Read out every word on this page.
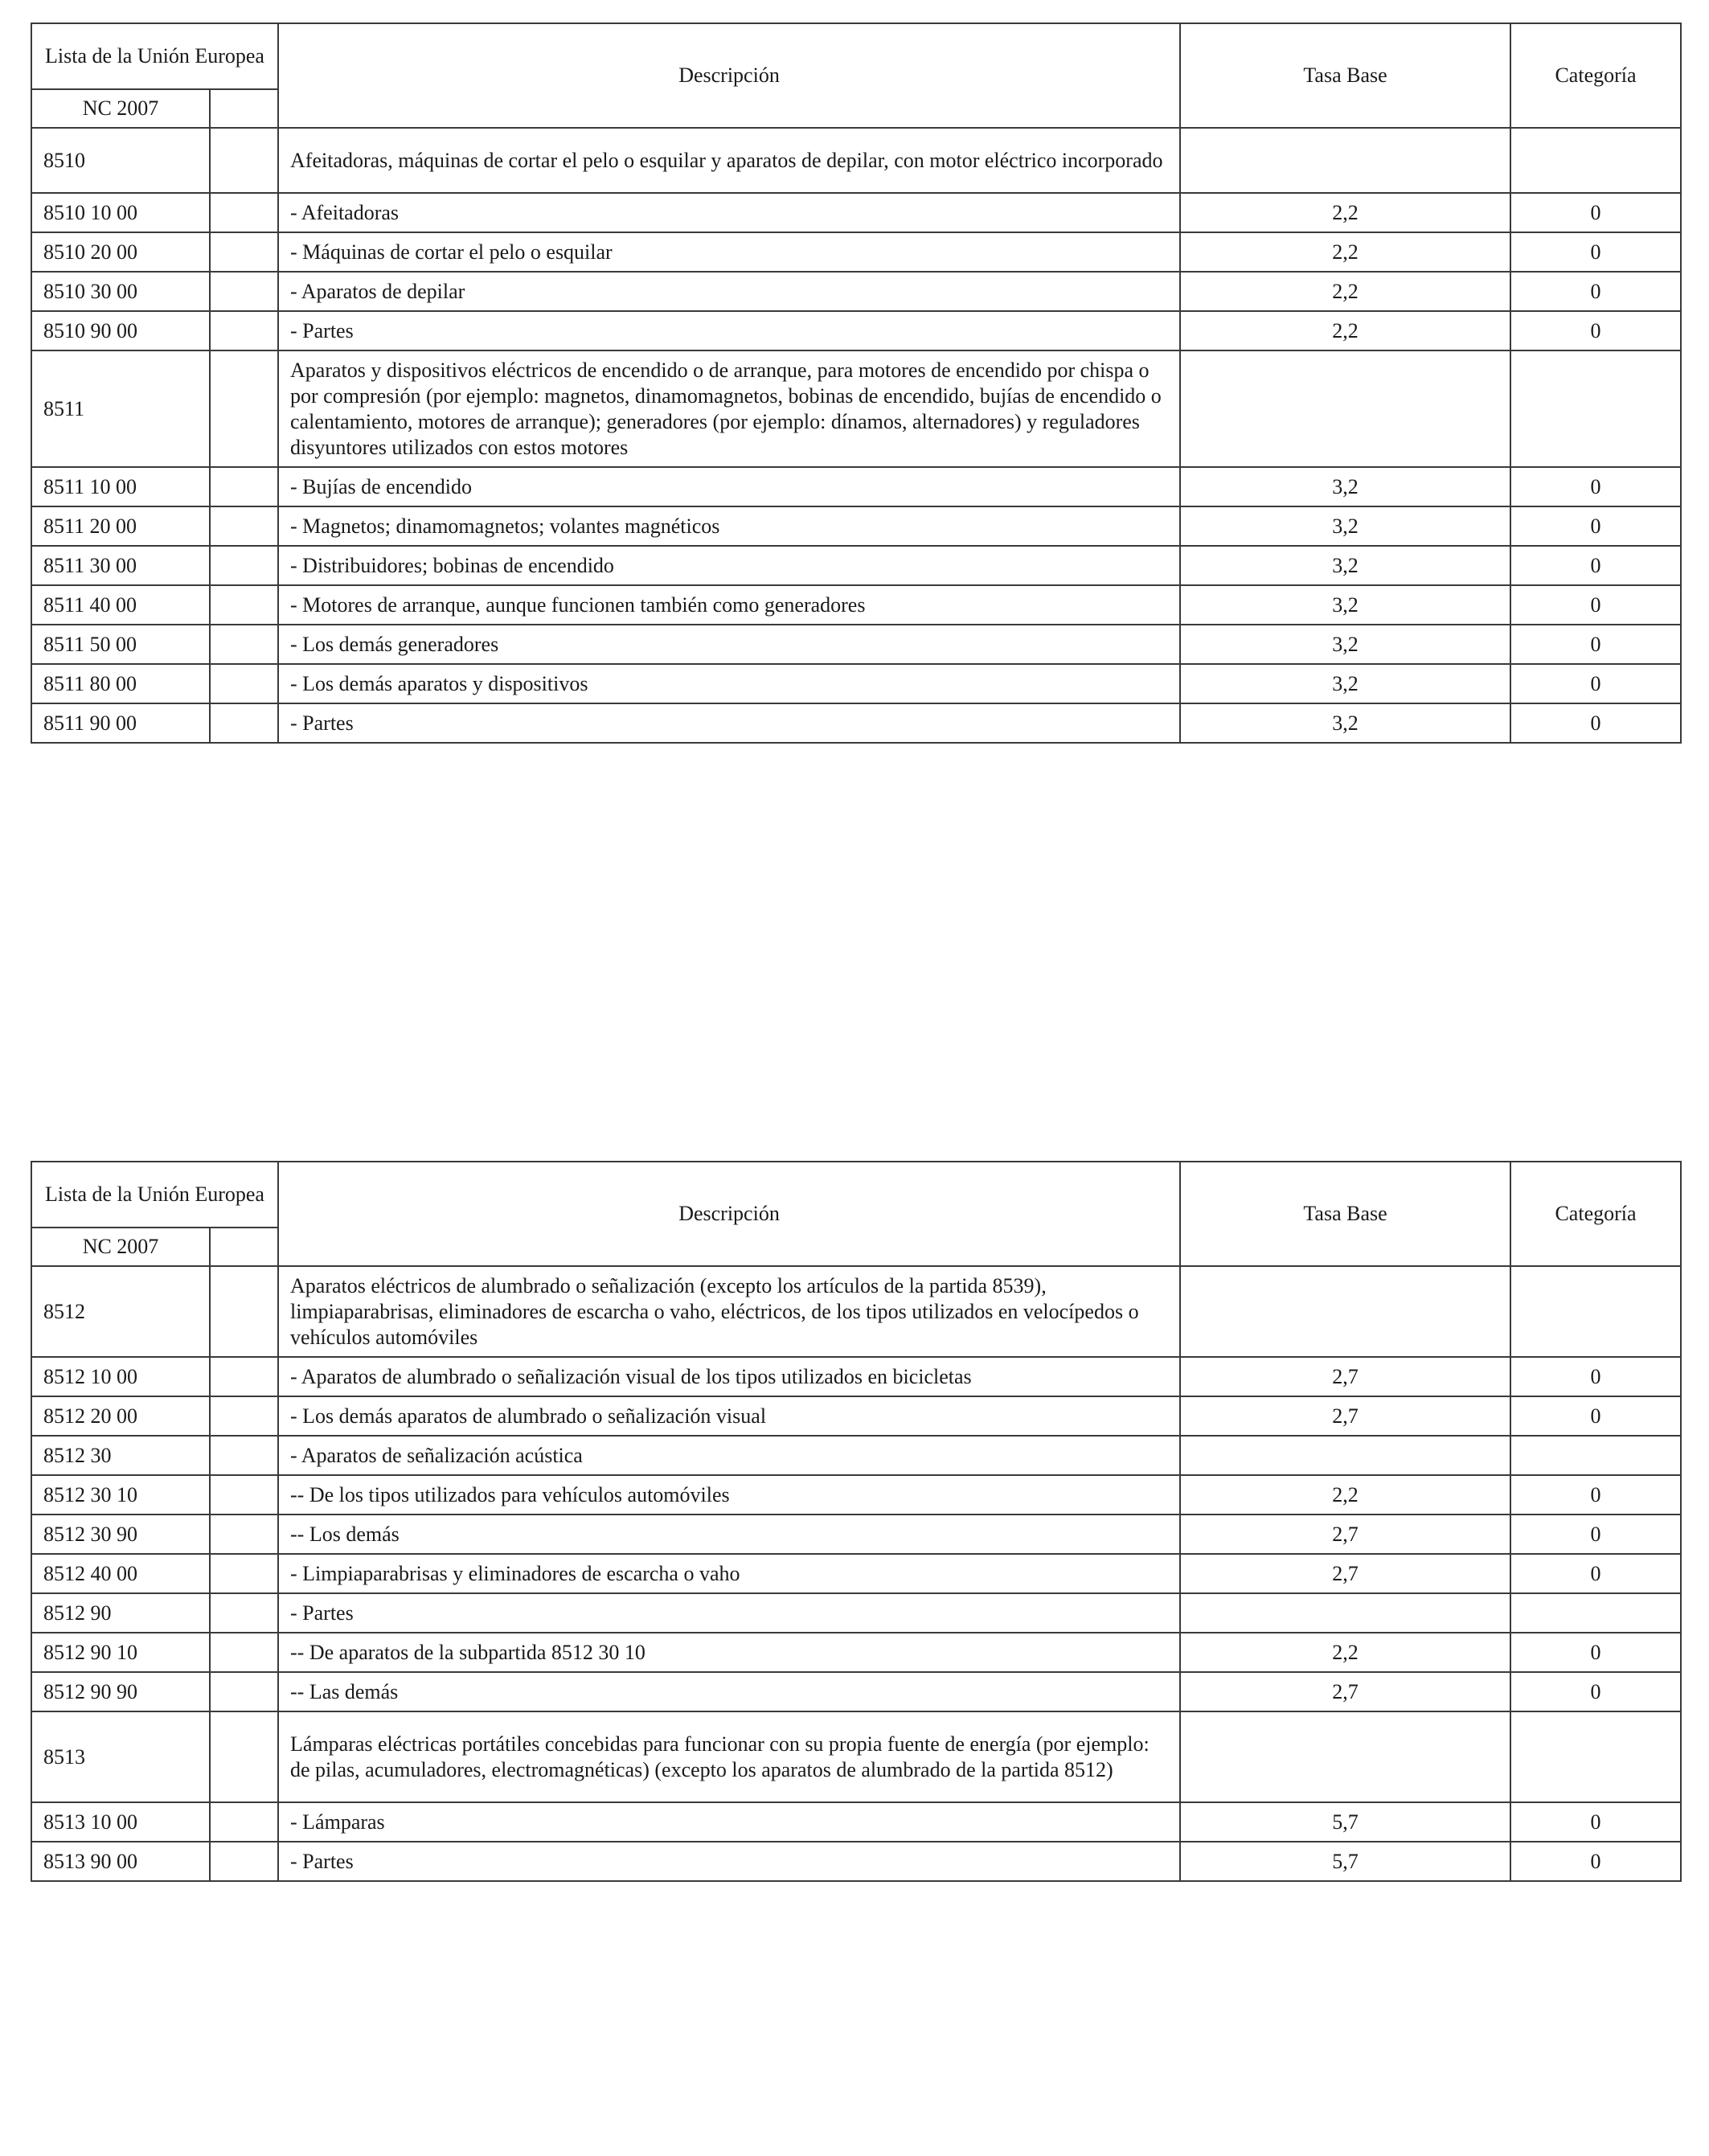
Lista de la Unión Europea		Descripción	Tasa Base	Categoría
NC 2007				
8510		Afeitadoras, máquinas de cortar el pelo o esquilar y aparatos de depilar, con motor eléctrico incorporado		
8510 10 00		- Afeitadoras	2,2	0
8510 20 00		- Máquinas de cortar el pelo o esquilar	2,2	0
8510 30 00		- Aparatos de depilar	2,2	0
8510 90 00		- Partes	2,2	0
8511		Aparatos y dispositivos eléctricos de encendido o de arranque, para motores de encendido por chispa o por compresión (por ejemplo: magnetos, dinamomagnetos, bobinas de encendido, bujías de encendido o calentamiento, motores de arranque); generadores (por ejemplo: dínamos, alternadores) y reguladores disyuntores utilizados con estos motores		
8511 10 00		- Bujías de encendido	3,2	0
8511 20 00		- Magnetos; dinamomagnetos; volantes magnéticos	3,2	0
8511 30 00		- Distribuidores; bobinas de encendido	3,2	0
8511 40 00		- Motores de arranque, aunque funcionen también como generadores	3,2	0
8511 50 00		- Los demás generadores	3,2	0
8511 80 00		- Los demás aparatos y dispositivos	3,2	0
8511 90 00		- Partes	3,2	0
Lista de la Unión Europea		Descripción	Tasa Base	Categoría
NC 2007				
8512		Aparatos eléctricos de alumbrado o señalización (excepto los artículos de la partida 8539), limpiaparabrisas, eliminadores de escarcha o vaho, eléctricos, de los tipos utilizados en velocípedos o vehículos automóviles		
8512 10 00		- Aparatos de alumbrado o señalización visual de los tipos utilizados en bicicletas	2,7	0
8512 20 00		- Los demás aparatos de alumbrado o señalización visual	2,7	0
8512 30		- Aparatos de señalización acústica		
8512 30 10		-- De los tipos utilizados para vehículos automóviles	2,2	0
8512 30 90		-- Los demás	2,7	0
8512 40 00		- Limpiaparabrisas y eliminadores de escarcha o vaho	2,7	0
8512 90		- Partes		
8512 90 10		-- De aparatos de la subpartida 8512 30 10	2,2	0
8512 90 90		-- Las demás	2,7	0
8513		Lámparas eléctricas portátiles concebidas para funcionar con su propia fuente de energía (por ejemplo: de pilas, acumuladores, electromagnéticas) (excepto los aparatos de alumbrado de la partida 8512)		
8513 10 00		- Lámparas	5,7	0
8513 90 00		- Partes	5,7	0
